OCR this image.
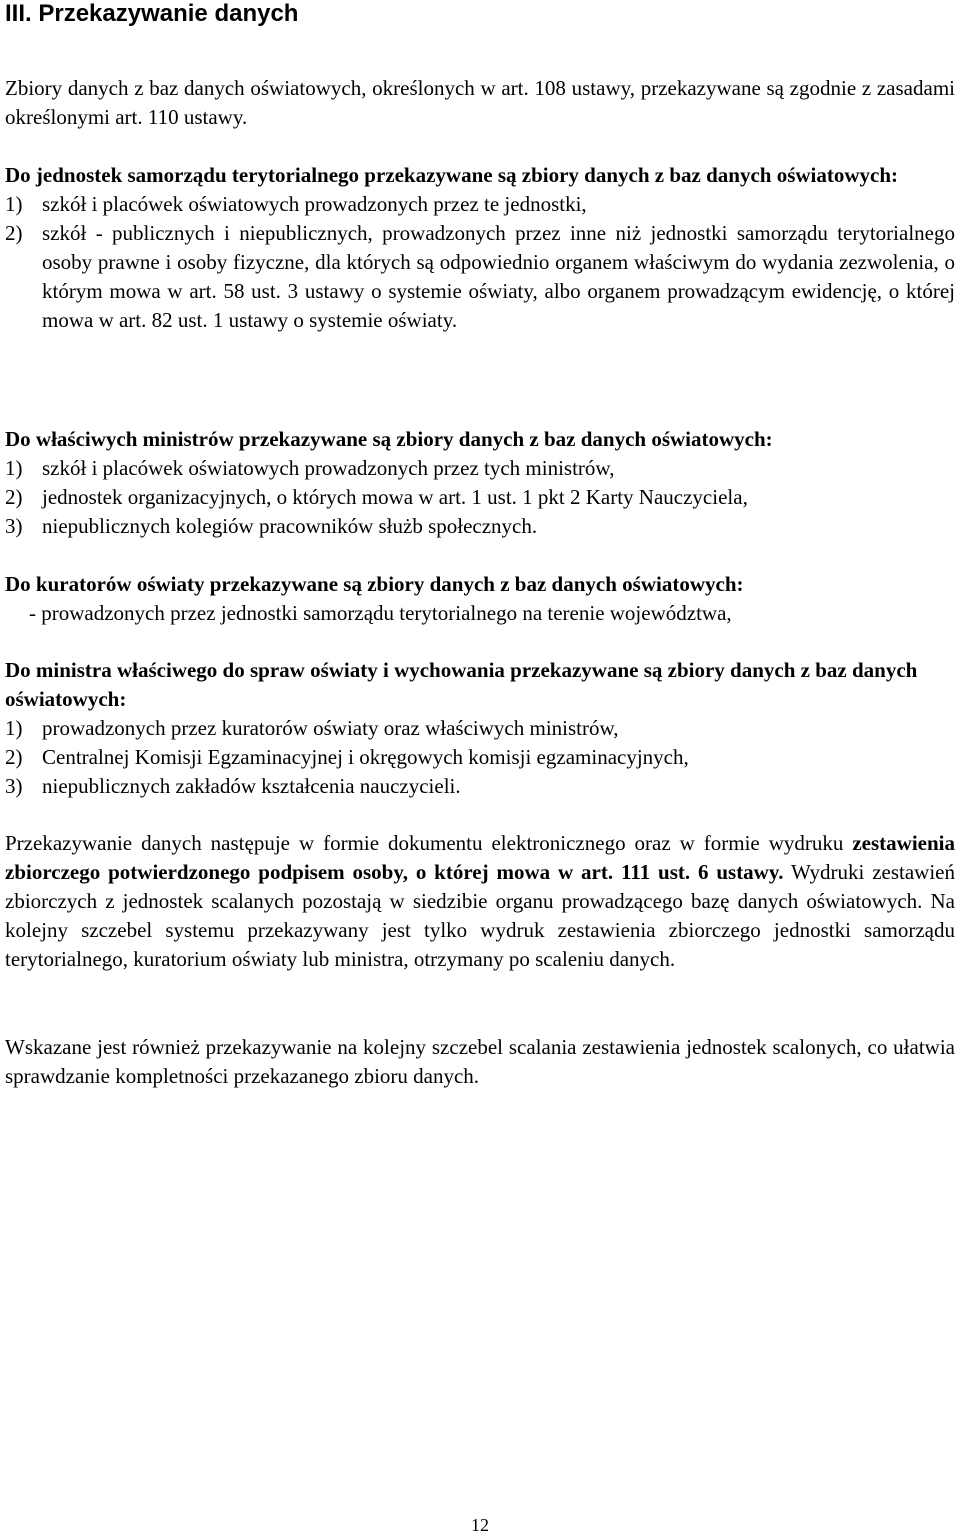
III. Przekazywanie danych
Zbiory danych z baz danych oświatowych, określonych w art. 108 ustawy, przekazywane są zgodnie z zasadami określonymi art. 110 ustawy.
Do jednostek samorządu terytorialnego przekazywane są zbiory danych z baz danych oświatowych:
1) szkół i placówek oświatowych prowadzonych przez te jednostki,
2) szkół - publicznych i niepublicznych, prowadzonych przez inne niż jednostki samorządu terytorialnego osoby prawne i osoby fizyczne, dla których są odpowiednio organem właściwym do wydania zezwolenia, o którym mowa w art. 58 ust. 3 ustawy o systemie oświaty, albo organem prowadzącym ewidencję, o której mowa w art. 82 ust. 1 ustawy o systemie oświaty.
Do właściwych ministrów przekazywane są zbiory danych z baz danych oświatowych:
1) szkół i placówek oświatowych prowadzonych przez tych ministrów,
2) jednostek organizacyjnych, o których mowa w art. 1 ust. 1 pkt 2 Karty Nauczyciela,
3) niepublicznych kolegiów pracowników służb społecznych.
Do kuratorów oświaty przekazywane są zbiory danych z baz danych oświatowych:
- prowadzonych przez jednostki samorządu terytorialnego na terenie województwa,
Do ministra właściwego do spraw oświaty i wychowania przekazywane są zbiory danych z baz danych oświatowych:
1) prowadzonych przez kuratorów oświaty oraz właściwych ministrów,
2) Centralnej Komisji Egzaminacyjnej i okręgowych komisji egzaminacyjnych,
3) niepublicznych zakładów kształcenia nauczycieli.
Przekazywanie danych następuje w formie dokumentu elektronicznego oraz w formie wydruku zestawienia zbiorczego potwierdzonego podpisem osoby, o której mowa w art. 111 ust. 6 ustawy. Wydruki zestawień zbiorczych z jednostek scalanych pozostają w siedzibie organu prowadzącego bazę danych oświatowych. Na kolejny szczebel systemu przekazywany jest tylko wydruk zestawienia zbiorczego jednostki samorządu terytorialnego, kuratorium oświaty lub ministra, otrzymany po scaleniu danych.
Wskazane jest również przekazywanie na kolejny szczebel scalania zestawienia jednostek scalonych, co ułatwia sprawdzanie kompletności przekazanego zbioru danych.
12
